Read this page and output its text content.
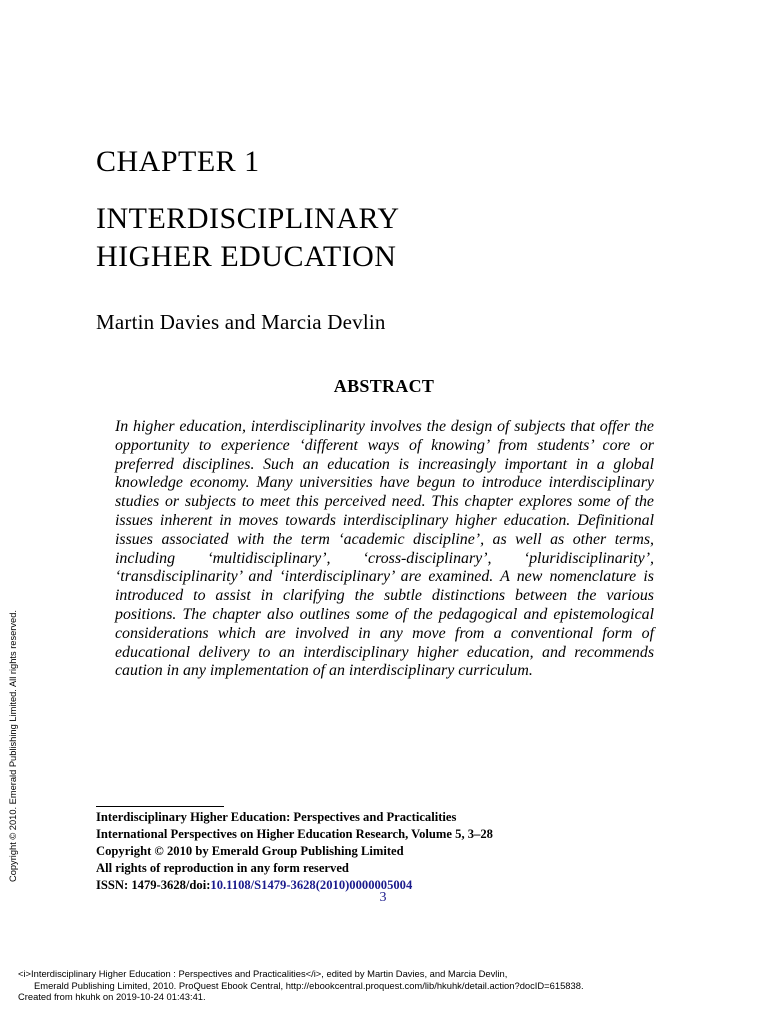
CHAPTER 1
INTERDISCIPLINARY
HIGHER EDUCATION
Martin Davies and Marcia Devlin
ABSTRACT
In higher education, interdisciplinarity involves the design of subjects that offer the opportunity to experience ‘different ways of knowing’ from students’ core or preferred disciplines. Such an education is increasingly important in a global knowledge economy. Many universities have begun to introduce interdisciplinary studies or subjects to meet this perceived need. This chapter explores some of the issues inherent in moves towards interdisciplinary higher education. Definitional issues associated with the term ‘academic discipline’, as well as other terms, including ‘multidisciplinary’, ‘cross-disciplinary’, ‘pluridisciplinarity’, ‘transdisciplinarity’ and ‘interdisciplinary’ are examined. A new nomenclature is introduced to assist in clarifying the subtle distinctions between the various positions. The chapter also outlines some of the pedagogical and epistemological considerations which are involved in any move from a conventional form of educational delivery to an interdisciplinary higher education, and recommends caution in any implementation of an interdisciplinary curriculum.
Interdisciplinary Higher Education: Perspectives and Practicalities
International Perspectives on Higher Education Research, Volume 5, 3–28
Copyright © 2010 by Emerald Group Publishing Limited
All rights of reproduction in any form reserved
ISSN: 1479-3628/doi:10.1108/S1479-3628(2010)0000005004
3
Copyright © 2010. Emerald Publishing Limited. All rights reserved.
<i>Interdisciplinary Higher Education : Perspectives and Practicalities</i>, edited by Martin Davies, and Marcia Devlin,
Emerald Publishing Limited, 2010. ProQuest Ebook Central, http://ebookcentral.proquest.com/lib/hkuhk/detail.action?docID=615838.
Created from hkuhk on 2019-10-24 01:43:41.
